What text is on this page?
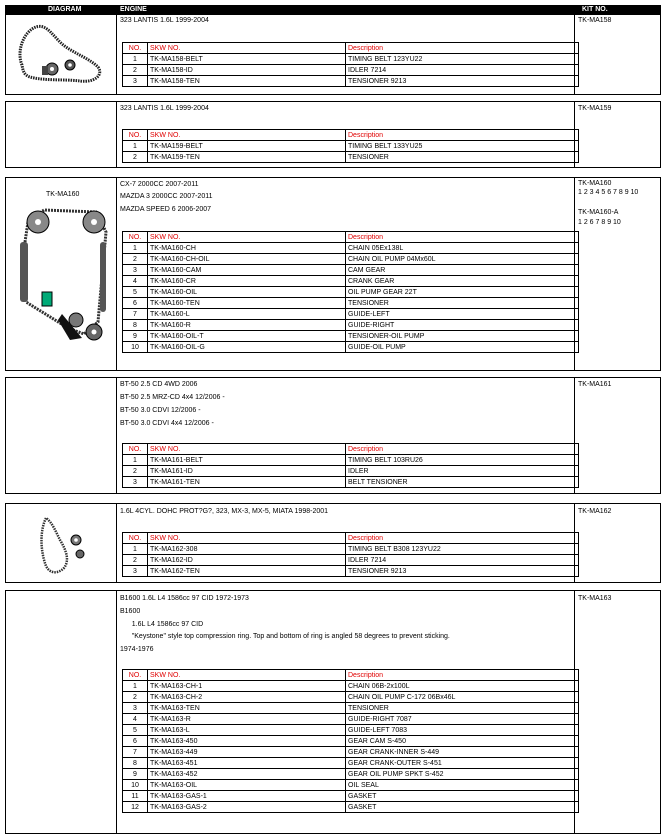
DIAGRAM	ENGINE	KIT NO.
323 LANTIS 1.6L 1999-2004	TK-MA158
NO.	SKW NO.	Description
1	TK-MA158-BELT	TIMING BELT 123YU22
2	TK-MA158-ID	IDLER 7214
3	TK-MA158-TEN	TENSIONER 9213
323 LANTIS 1.6L 1999-2004	TK-MA159
NO.	SKW NO.	Description
1	TK-MA159-BELT	TIMING BELT 133YU25
2	TK-MA159-TEN	TENSIONER
TK-MA160
CX-7 2000CC 2007-2011
MAZDA 3 2000CC 2007-2011
MAZDA SPEED 6 2006-2007
TK-MA160
1 2 3 4 5 6 7 8 9 10
TK-MA160-A
1 2 6 7 8 9 10
NO.	SKW NO.	Description
1	TK-MA160-CH	CHAIN 05Ex138L
2	TK-MA160-CH-OIL	CHAIN OIL PUMP 04Mx60L
3	TK-MA160-CAM	CAM GEAR
4	TK-MA160-CR	CRANK GEAR
5	TK-MA160-OIL	OIL PUMP GEAR 22T
6	TK-MA160-TEN	TENSIONER
7	TK-MA160-L	GUIDE-LEFT
8	TK-MA160-R	GUIDE-RIGHT
9	TK-MA160-OIL-T	TENSIONER-OIL PUMP
10	TK-MA160-OIL-G	GUIDE-OIL PUMP
BT-50 2.5 CD 4WD 2006
BT-50 2.5 MRZ-CD 4x4 12/2006 -
BT-50 3.0 CDVI 12/2006 -
BT-50 3.0 CDVI 4x4 12/2006 -
TK-MA161
NO.	SKW NO.	Description
1	TK-MA161-BELT	TIMING BELT 103RU26
2	TK-MA161-ID	IDLER
3	TK-MA161-TEN	BELT TENSIONER
1.6L 4CYL. DOHC PROT?G?, 323, MX-3, MX-5, MIATA 1998-2001	TK-MA162
NO.	SKW NO.	Description
1	TK-MA162-308	TIMING BELT B308 123YU22
2	TK-MA162-ID	IDLER 7214
3	TK-MA162-TEN	TENSIONER 9213
B1600 1.6L L4 1586cc 97 CID 1972-1973
B1600
1.6L L4 1586cc 97 CID
"Keystone" style top compression ring. Top and bottom of ring is angled 58 degrees to prevent sticking.
1974-1976
TK-MA163
NO.	SKW NO.	Description
1	TK-MA163-CH-1	CHAIN 06B-2x100L
2	TK-MA163-CH-2	CHAIN OIL PUMP C-172 06Bx46L
3	TK-MA163-TEN	TENSIONER
4	TK-MA163-R	GUIDE-RIGHT 7087
5	TK-MA163-L	GUIDE-LEFT 7083
6	TK-MA163-450	GEAR CAM S-450
7	TK-MA163-449	GEAR CRANK-INNER S-449
8	TK-MA163-451	GEAR CRANK-OUTER S-451
9	TK-MA163-452	GEAR OIL PUMP SPKT S-452
10	TK-MA163-OIL	OIL SEAL
11	TK-MA163-GAS-1	GASKET
12	TK-MA163-GAS-2	GASKET
